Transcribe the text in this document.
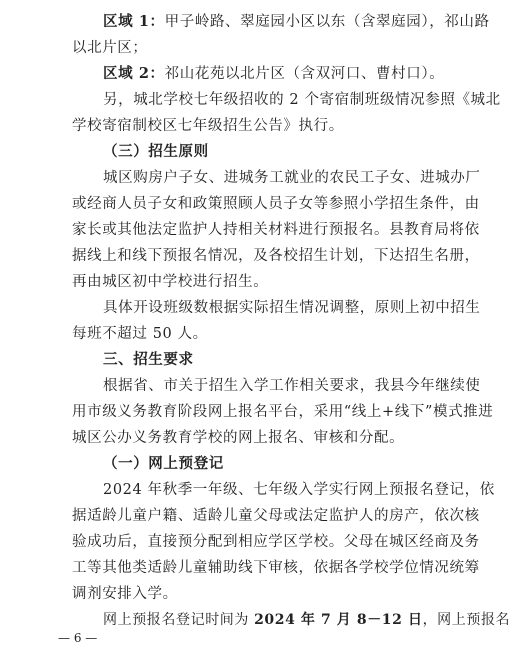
区域 1：甲子岭路、翠庭园小区以东（含翠庭园），祁山路
以北片区；
区域 2：祁山花苑以北片区（含双河口、曹村口）。
另，城北学校七年级招收的 2 个寄宿制班级情况参照《城北
学校寄宿制校区七年级招生公告》执行。
（三）招生原则
城区购房户子女、进城务工就业的农民工子女、进城办厂
或经商人员子女和政策照顾人员子女等参照小学招生条件，由
家长或其他法定监护人持相关材料进行预报名。县教育局将依
据线上和线下预报名情况，及各校招生计划，下达招生名册，
再由城区初中学校进行招生。
具体开设班级数根据实际招生情况调整，原则上初中招生
每班不超过 50 人。
三、招生要求
根据省、市关于招生入学工作相关要求，我县今年继续使
用市级义务教育阶段网上报名平台，采用“线上+线下”模式推进
城区公办义务教育学校的网上报名、审核和分配。
（一）网上预登记
2024 年秋季一年级、七年级入学实行网上预报名登记，依
据适龄儿童户籍、适龄儿童父母或法定监护人的房产，依次核
验成功后，直接预分配到相应学区学校。父母在城区经商及务
工等其他类适龄儿童辅助线下审核，依据各学校学位情况统筹
调剂安排入学。
网上预报名登记时间为 2024 年 7 月 8－12 日，网上预报名
— 6 —
